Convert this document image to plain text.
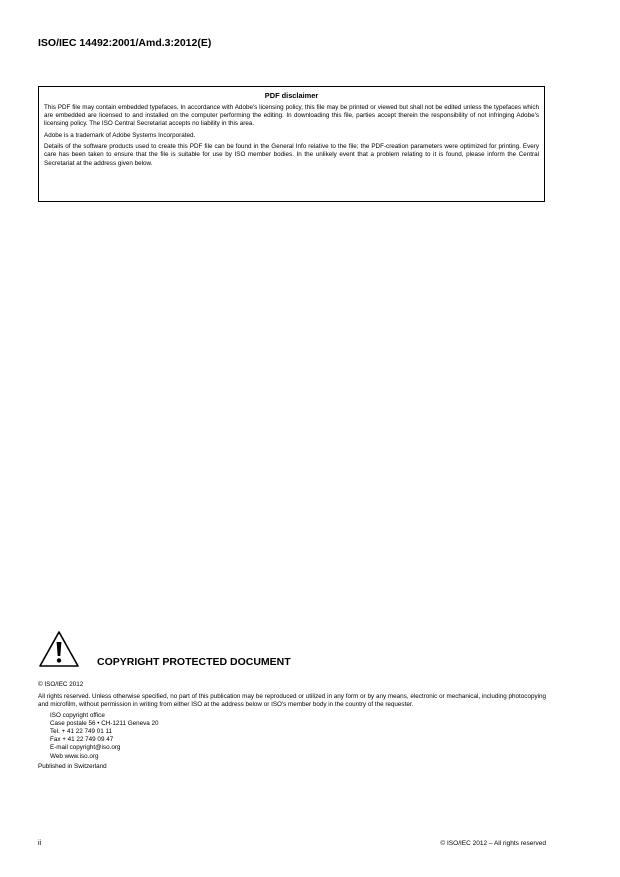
ISO/IEC 14492:2001/Amd.3:2012(E)
PDF disclaimer

This PDF file may contain embedded typefaces. In accordance with Adobe's licensing policy, this file may be printed or viewed but shall not be edited unless the typefaces which are embedded are licensed to and installed on the computer performing the editing. In downloading this file, parties accept therein the responsibility of not infringing Adobe's licensing policy. The ISO Central Secretariat accepts no liability in this area.

Adobe is a trademark of Adobe Systems Incorporated.

Details of the software products used to create this PDF file can be found in the General Info relative to the file; the PDF-creation parameters were optimized for printing. Every care has been taken to ensure that the file is suitable for use by ISO member bodies. In the unlikely event that a problem relating to it is found, please inform the Central Secretariat at the address given below.

COPYRIGHT PROTECTED DOCUMENT

© ISO/IEC 2012

All rights reserved. Unless otherwise specified, no part of this publication may be reproduced or utilized in any form or by any means, electronic or mechanical, including photocopying and microfilm, without permission in writing from either ISO at the address below or ISO's member body in the country of the requester.

ISO copyright office
Case postale 56 • CH-1211 Geneva 20
Tel. + 41 22 749 01 11
Fax + 41 22 749 09 47
E-mail copyright@iso.org
Web www.iso.org

Published in Switzerland

ii	© ISO/IEC 2012 – All rights reserved
